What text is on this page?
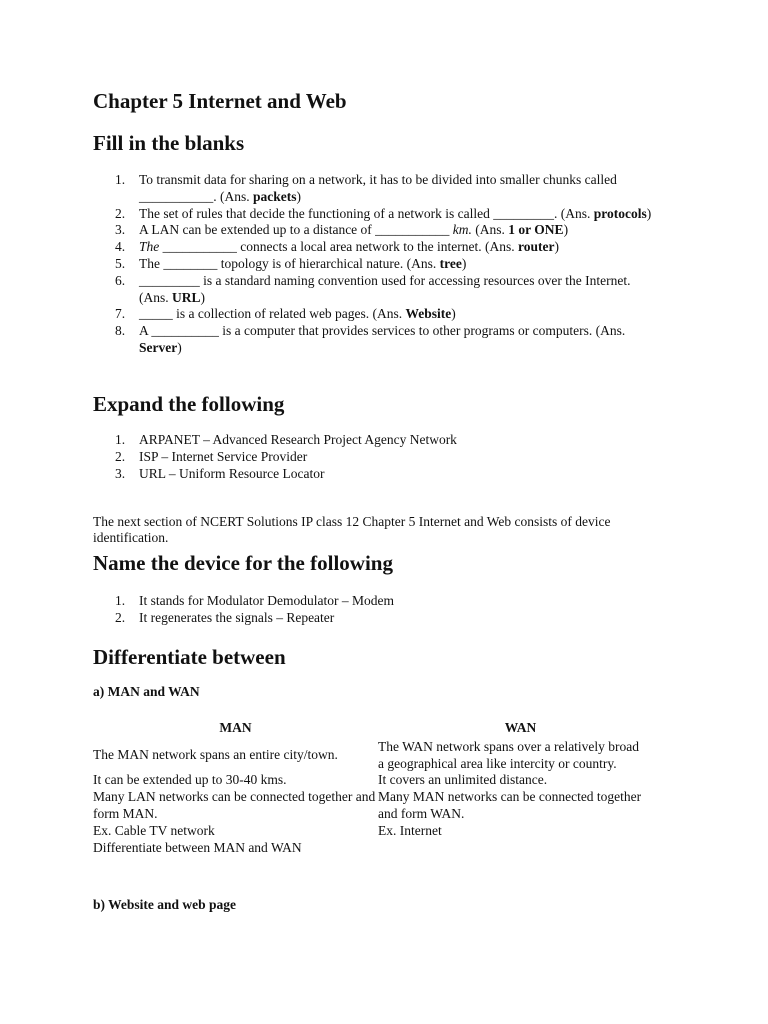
Chapter 5 Internet and Web
Fill in the blanks
1. To transmit data for sharing on a network, it has to be divided into smaller chunks called ___________. (Ans. packets)
2. The set of rules that decide the functioning of a network is called _________. (Ans. protocols)
3. A LAN can be extended up to a distance of ___________ km. (Ans. 1 or ONE)
4. The ___________ connects a local area network to the internet. (Ans. router)
5. The ________ topology is of hierarchical nature. (Ans. tree)
6. _________ is a standard naming convention used for accessing resources over the Internet. (Ans. URL)
7. _____ is a collection of related web pages. (Ans. Website)
8. A __________ is a computer that provides services to other programs or computers. (Ans. Server)
Expand the following
1. ARPANET – Advanced Research Project Agency Network
2. ISP – Internet Service Provider
3. URL – Uniform Resource Locator

The next section of NCERT Solutions IP class 12 Chapter 5 Internet and Web consists of device identification.

Name the device for the following
1. It stands for Modulator Demodulator – Modem
2. It regenerates the signals – Repeater
Differentiate between
a) MAN and WAN
MAN	WAN
The MAN network spans an entire city/town.	The WAN network spans over a relatively broad
a geographical area like intercity or country.

It can be extended up to 30-40 kms.	It covers an unlimited distance.
Many LAN networks can be connected together and form MAN.	Many MAN networks can be connected together and form WAN.
Ex. Cable TV network	Ex. Internet
Differentiate between MAN and WAN	
b) Website and web page
